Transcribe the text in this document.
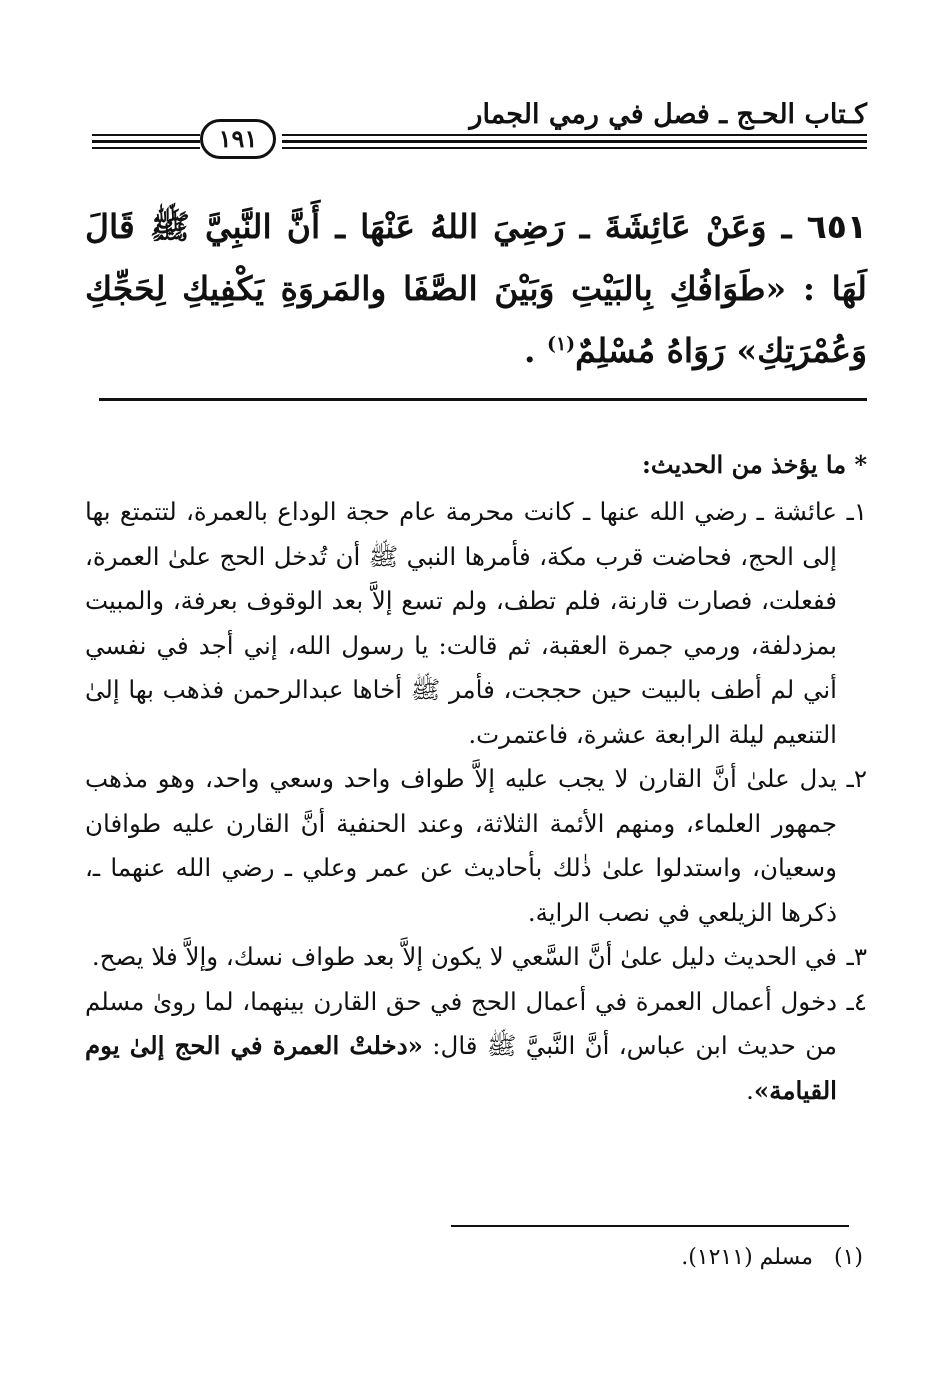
كـتاب الحـج ـ فصل في رمي الجمار
١٩١
٦٥١ ـ وَعَنْ عَائِشَةَ ـ رَضِيَ اللهُ عَنْهَا ـ أَنَّ النَّبِيَّ ﷺ قَالَ لَهَا : «طَوَافُكِ بِالبَيْتِ وَبَيْنَ الصَّفَا والمَروَةِ يَكْفِيكِ لِحَجِّكِ وَعُمْرَتِكِ» رَوَاهُ مُسْلِمٌ$^{(١)}$ .
* ما يؤخذ من الحديث:
١ـ
عائشة ـ رضي الله عنها ـ كانت محرمة عام حجة الوداع بالعمرة، لتتمتع بها إلى الحج، فحاضت قرب مكة، فأمرها النبي ﷺ أن تُدخل الحج علىٰ العمرة، ففعلت، فصارت قارنة، فلم تطف، ولم تسع إلاَّ بعد الوقوف بعرفة، والمبيت بمزدلفة، ورمي جمرة العقبة، ثم قالت: يا رسول الله، إني أجد في نفسي أني لم أطف بالبيت حين حججت، فأمر ﷺ أخاها عبدالرحمن فذهب بها إلىٰ التنعيم ليلة الرابعة عشرة، فاعتمرت.
٢ـ
يدل علىٰ أنَّ القارن لا يجب عليه إلاَّ طواف واحد وسعي واحد، وهو مذهب جمهور العلماء، ومنهم الأئمة الثلاثة، وعند الحنفية أنَّ القارن عليه طوافان وسعيان، واستدلوا علىٰ ذٰلك بأحاديث عن عمر وعلي ـ رضي الله عنهما ـ، ذكرها الزيلعي في نصب الراية.
٣ـ
في الحديث دليل علىٰ أنَّ السَّعي لا يكون إلاَّ بعد طواف نسك، وإلاَّ فلا يصح.
٤ـ
دخول أعمال العمرة في أعمال الحج في حق القارن بينهما، لما روىٰ مسلم من حديث ابن عباس، أنَّ النَّبيَّ ﷺ قال: «دخلتْ العمرة في الحج إلىٰ يوم القيامة».
(١) مسلم (١٢١١).
